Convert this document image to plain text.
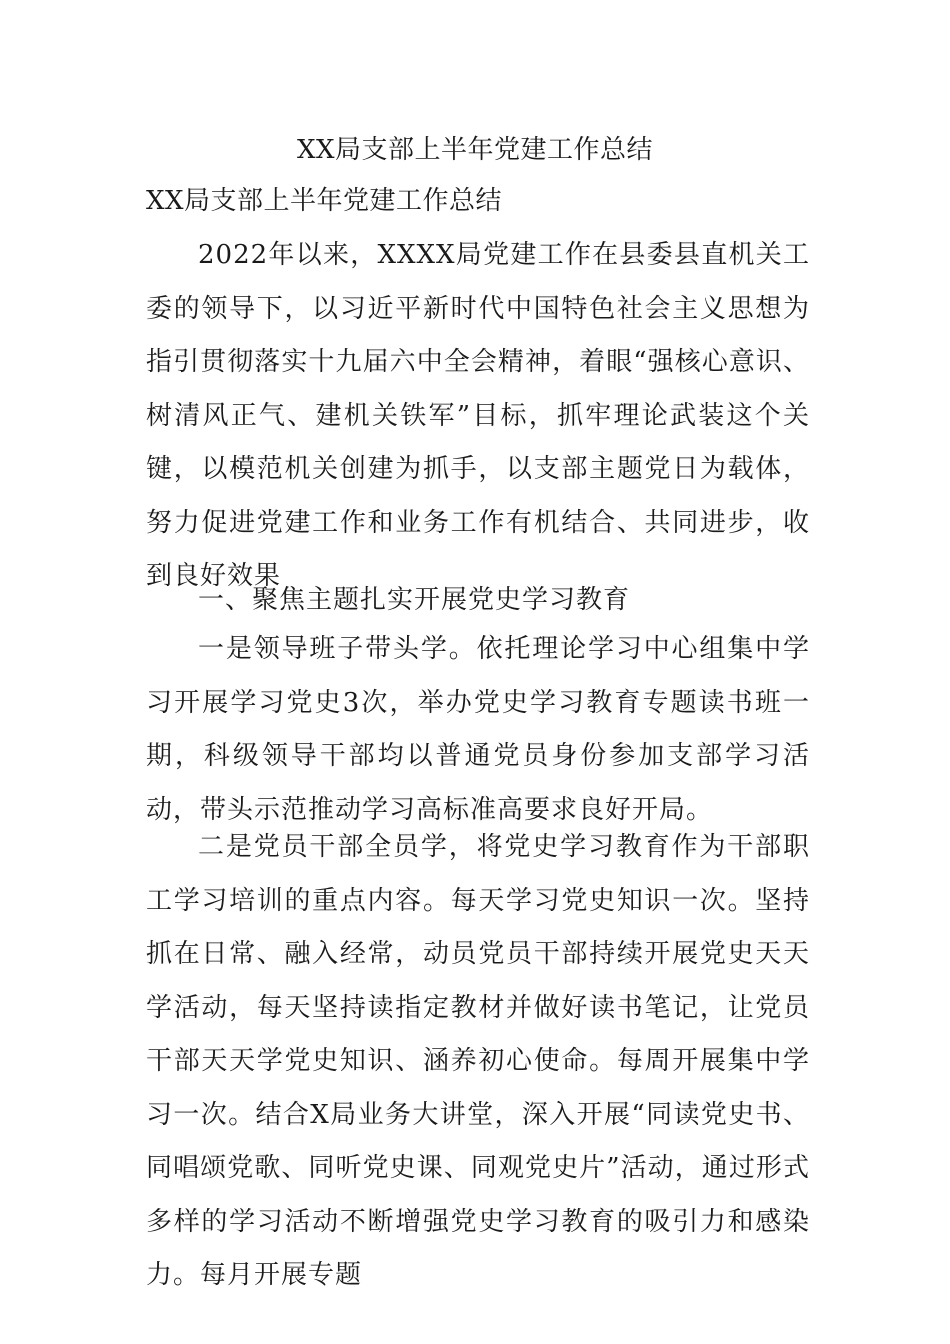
XX局支部上半年党建工作总结
XX局支部上半年党建工作总结

2022年以来，XXXX局党建工作在县委县直机关工委的领导下，以习近平新时代中国特色社会主义思想为指引贯彻落实十九届六中全会精神，着眼“强核心意识、树清风正气、建机关铁军”目标，抓牢理论武装这个关键，以模范机关创建为抓手，以支部主题党日为载体，努力促进党建工作和业务工作有机结合、共同进步，收到良好效果

一、聚焦主题扎实开展党史学习教育

一是领导班子带头学。依托理论学习中心组集中学习开展学习党史3次，举办党史学习教育专题读书班一期，科级领导干部均以普通党员身份参加支部学习活动，带头示范推动学习高标准高要求良好开局。

二是党员干部全员学，将党史学习教育作为干部职工学习培训的重点内容。每天学习党史知识一次。坚持抓在日常、融入经常，动员党员干部持续开展党史天天学活动，每天坚持读指定教材并做好读书笔记，让党员干部天天学党史知识、涵养初心使命。每周开展集中学习一次。结合X局业务大讲堂，深入开展“同读党史书、同唱颂党歌、同听党史课、同观党史片”活动，通过形式多样的学习活动不断增强党史学习教育的吸引力和感染力。每月开展专题
